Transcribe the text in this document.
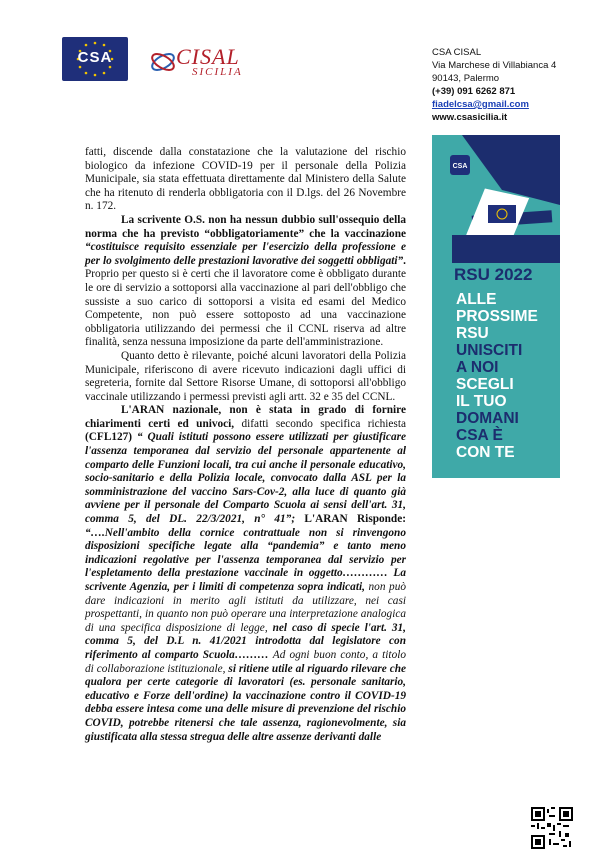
CSA	CISAL
SICILIA
CSA CISAL
Via Marchese di Villabianca 4
90143, Palermo
(+39) 091 6262 871
fiadelcsa@gmail.com
www.csasicilia.it

fatti, discende dalla constatazione che la valutazione del rischio biologico da infezione COVID-19 per il personale della Polizia Municipale, sia stata effettuata direttamente dal Ministero della Salute che ha ritenuto di renderla obbligatoria con il D.lgs. del 26 Novembre n. 172.

La scrivente O.S. non ha nessun dubbio sull'ossequio della norma che ha previsto “obbligatoriamente” che la vaccinazione “costituisce requisito essenziale per l'esercizio della professione e per lo svolgimento delle prestazioni lavorative dei soggetti obbligati”. Proprio per questo si è certi che il lavoratore come è obbligato durante le ore di servizio a sottoporsi alla vaccinazione al pari dell'obbligo che sussiste a suo carico di sottoporsi a visita ed esami del Medico Competente, non può essere sottoposto ad una vaccinazione obbligatoria utilizzando dei permessi che il CCNL riserva ad altre finalità, senza nessuna imposizione da parte dell'amministrazione.

Quanto detto è rilevante, poiché alcuni lavoratori della Polizia Municipale, riferiscono di avere ricevuto indicazioni dagli uffici di segreteria, fornite dal Settore Risorse Umane, di sottoporsi all'obbligo vaccinale utilizzando i permessi previsti agli artt. 32 e 35 del CCNL.

L'ARAN nazionale, non è stata in grado di fornire chiarimenti certi ed univoci, difatti secondo specifica richiesta (CFL127) “ Quali istituti possono essere utilizzati per giustificare l'assenza temporanea dal servizio del personale appartenente al comparto delle Funzioni locali, tra cui anche il personale educativo, socio-sanitario e della Polizia locale, convocato dalla ASL per la somministrazione del vaccino Sars-Cov-2, alla luce di quanto già avviene per il personale del Comparto Scuola ai sensi dell'art. 31, comma 5, del DL. 22/3/2021, n° 41”; L'ARAN Risponde: “….Nell'ambito della cornice contrattuale non si rinvengono disposizioni specifiche legate alla “pandemia” e tanto meno indicazioni regolative per l'assenza temporanea dal servizio per l'espletamento della prestazione vaccinale in oggetto………… La scrivente Agenzia, per i limiti di competenza sopra indicati, non può dare indicazioni in merito agli istituti da utilizzare, nei casi prospettanti, in quanto non può operare una interpretazione analogica di una specifica disposizione di legge, nel caso di specie l'art. 31, comma 5, del D.L n. 41/2021 introdotta dal legislatore con riferimento al comparto Scuola……… Ad ogni buon conto, a titolo di collaborazione istituzionale, si ritiene utile al riguardo rilevare che qualora per certe categorie di lavoratori (es. personale sanitario, educativo e Forze dell'ordine) la vaccinazione contro il COVID-19 debba essere intesa come una delle misure di prevenzione del rischio COVID, potrebbe ritenersi che tale assenza, ragionevolmente, sia giustificata alla stessa stregua delle altre assenze derivanti dalle

CSA
RSU 2022
ALLE
PROSSIME
RSU
UNISCITI
A NOI
SCEGLI
IL TUO
DOMANI
CSA È
CON TE
